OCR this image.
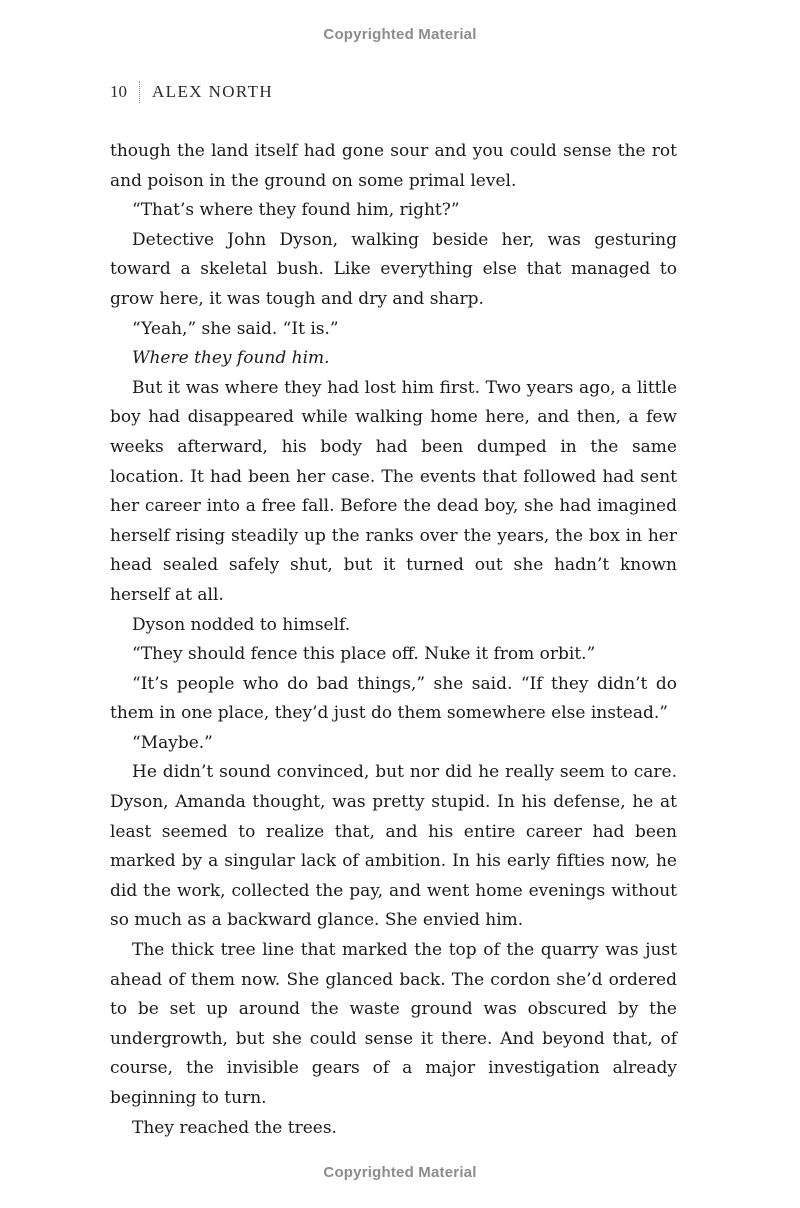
Copyrighted Material
10 ALEX NORTH

though the land itself had gone sour and you could sense the rot and poison in the ground on some primal level.

“That’s where they found him, right?”

Detective John Dyson, walking beside her, was gesturing toward a skeletal bush. Like everything else that managed to grow here, it was tough and dry and sharp.

“Yeah,” she said. “It is.”

Where they found him.

But it was where they had lost him first. Two years ago, a little boy had disappeared while walking home here, and then, a few weeks afterward, his body had been dumped in the same location. It had been her case. The events that followed had sent her career into a free fall. Before the dead boy, she had imagined herself rising steadily up the ranks over the years, the box in her head sealed safely shut, but it turned out she hadn’t known herself at all.

Dyson nodded to himself.

“They should fence this place off. Nuke it from orbit.”

“It’s people who do bad things,” she said. “If they didn’t do them in one place, they’d just do them somewhere else instead.”

“Maybe.”

He didn’t sound convinced, but nor did he really seem to care. Dyson, Amanda thought, was pretty stupid. In his defense, he at least seemed to realize that, and his entire career had been marked by a singular lack of ambition. In his early fifties now, he did the work, collected the pay, and went home evenings without so much as a backward glance. She envied him.

The thick tree line that marked the top of the quarry was just ahead of them now. She glanced back. The cordon she’d ordered to be set up around the waste ground was obscured by the undergrowth, but she could sense it there. And beyond that, of course, the invisible gears of a major investigation already beginning to turn.

They reached the trees.

Copyrighted Material
